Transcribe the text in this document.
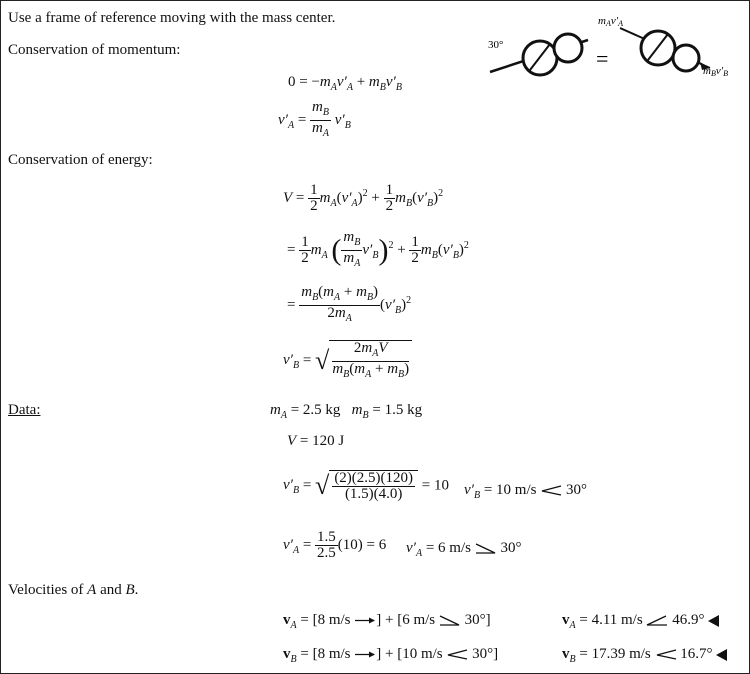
Use a frame of reference moving with the mass center.
Conservation of momentum:
$0 = -m_Av'_A + m_Bv'_B$
$v'_A = \frac{m_B}{m_A} v'_B$
30°
=
mAv′A
mBv′B
Conservation of energy:
$V = \frac{1}{2} m_A(v'_A)^2 + \frac{1}{2} m_B(v'_B)^2$
= $\frac{1}{2} m_A$ ( $\frac{m_B}{m_A} v'_B)^2 + \frac{1}{2} m_B(v'_B)^2$
= $\frac{m_B(m_A + m_B)}{2m_A} (v'_B)^2$
$v'_B$ = √ $\frac{2m_AV}{m_B(m_A + m_B)}$
Data:	$m_A = 2.5$ kg   $m_B = 1.5$ kg
V = 120 J
$v'_B$ = √ $\frac{(2)(2.5)(120)}{(1.5)(4.0)} = 10$ $v'_B = 10$ m/s  30°
$v'_A = \frac{1.5}{2.5} (10) = 6$ $v'_A = 6$ m/s  30°
Velocities of A and B.
$v_A = [8$ m/s ] + [6 m/s  30°]	$v_A = 4.11$ m/s  46.9°
$v_B = [8$ m/s ] + [10 m/s  30°]	$v_B = 17.39$ m/s  16.7°
